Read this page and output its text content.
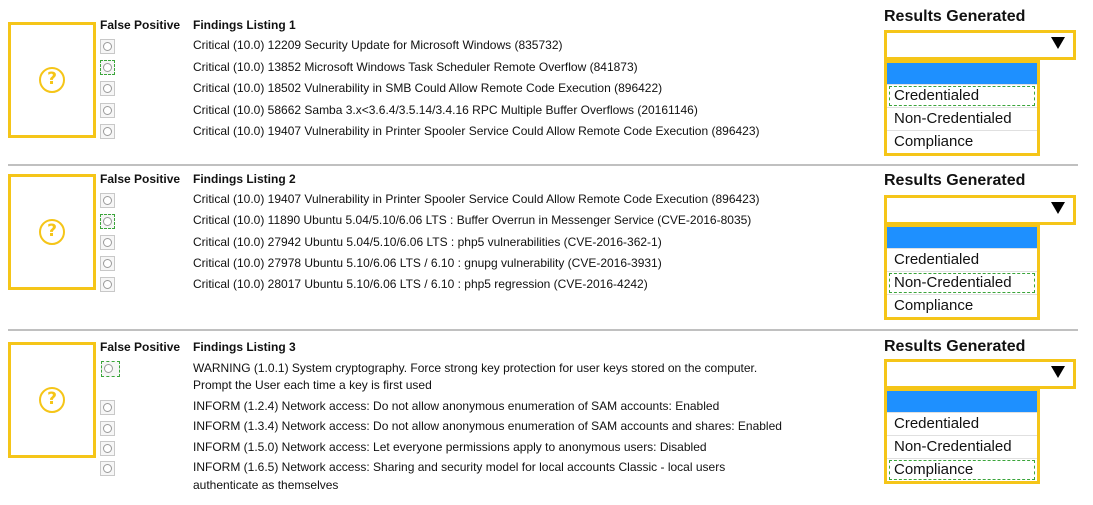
?
False Positive Findings Listing 1
Critical (10.0) 12209 Security Update for Microsoft Windows (835732)
Critical (10.0) 13852 Microsoft Windows Task Scheduler Remote Overflow (841873)
Critical (10.0) 18502 Vulnerability in SMB Could Allow Remote Code Execution (896422)
Critical (10.0) 58662 Samba 3.x<3.6.4/3.5.14/3.4.16 RPC Multiple Buffer Overflows (20161146)
Critical (10.0) 19407 Vulnerability in Printer Spooler Service Could Allow Remote Code Execution (896423)
Results Generated
Credentialed
Non-Credentialed
Compliance
?
False Positive Findings Listing 2
Critical (10.0) 19407 Vulnerability in Printer Spooler Service Could Allow Remote Code Execution (896423)
Critical (10.0) 11890 Ubuntu 5.04/5.10/6.06 LTS : Buffer Overrun in Messenger Service (CVE-2016-8035)
Critical (10.0) 27942 Ubuntu 5.04/5.10/6.06 LTS : php5 vulnerabilities (CVE-2016-362-1)
Critical (10.0) 27978 Ubuntu 5.10/6.06 LTS / 6.10 : gnupg vulnerability (CVE-2016-3931)
Critical (10.0) 28017 Ubuntu 5.10/6.06 LTS / 6.10 : php5 regression (CVE-2016-4242)
Results Generated
Credentialed
Non-Credentialed
Compliance
?
False Positive Findings Listing 3
WARNING (1.0.1) System cryptography. Force strong key protection for user keys stored on the computer.
Prompt the User each time a key is first used
INFORM (1.2.4) Network access: Do not allow anonymous enumeration of SAM accounts: Enabled
INFORM (1.3.4) Network access: Do not allow anonymous enumeration of SAM accounts and shares: Enabled
INFORM (1.5.0) Network access: Let everyone permissions apply to anonymous users: Disabled
INFORM (1.6.5) Network access: Sharing and security model for local accounts Classic - local users
authenticate as themselves
Results Generated
Credentialed
Non-Credentialed
Compliance
